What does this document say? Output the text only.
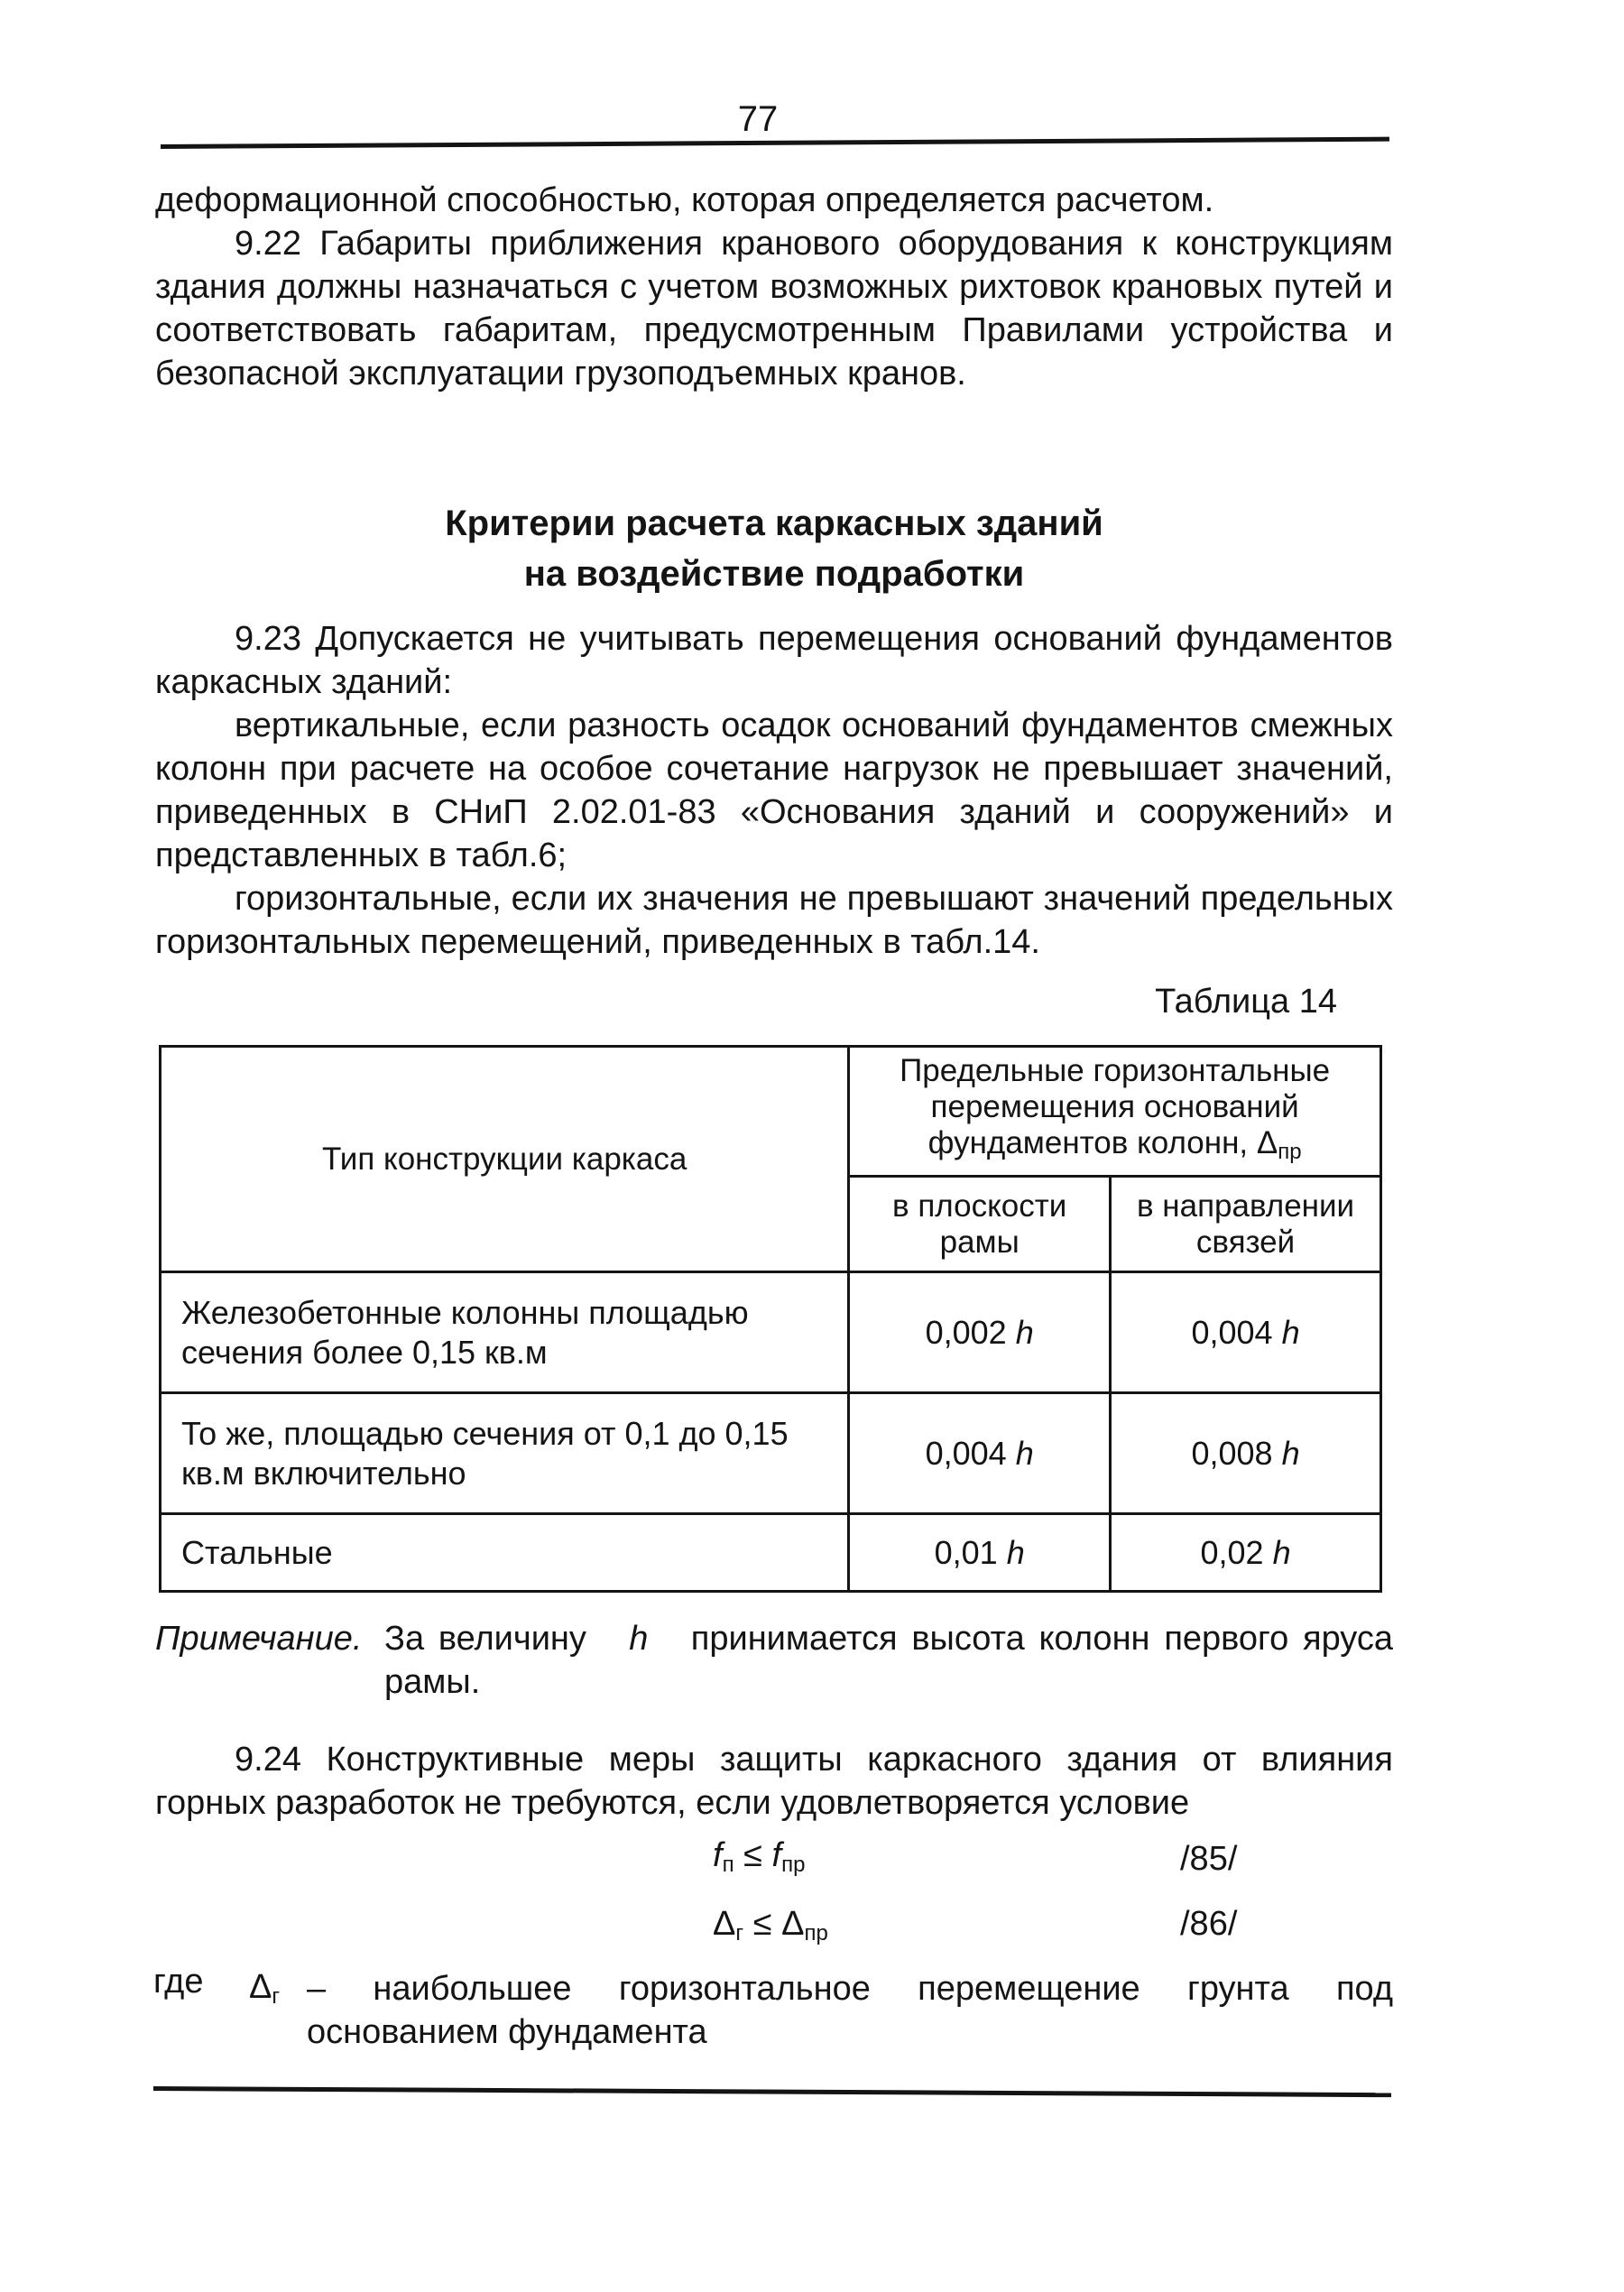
77

деформационной способностью, которая определяется расчетом.

9.22 Габариты приближения кранового оборудования к конструкциям здания должны назначаться с учетом возможных рихтовок крановых путей и соответствовать габаритам, предусмотренным Правилами устройства и безопасной эксплуатации грузоподъемных кранов.

Критерии расчета каркасных зданий
на воздействие подработки

9.23 Допускается не учитывать перемещения оснований фундаментов каркасных зданий:

вертикальные, если разность осадок оснований фундаментов смежных колонн при расчете на особое сочетание нагрузок не превышает значений, приведенных в СНиП 2.02.01-83 «Основания зданий и сооружений» и представленных в табл.6;

горизонтальные, если их значения не превышают значений предельных горизонтальных перемещений, приведенных в табл.14.

Таблица 14
Тип конструкции каркаса	Предельные горизонтальные перемещения оснований фундаментов колонн, $\Delta_{пр}$
	в плоскости рамы	в направлении связей
Железобетонные колонны площадью сечения более 0,15 кв.м	0,002 h	0,004 h
То же, площадью сечения от 0,1 до 0,15 кв.м включительно	0,004 h	0,008 h
Стальные	0,01 h	0,02 h
Примечание. За величину h принимается высота колонн первого яруса рамы.
9.24 Конструктивные меры защиты каркасного здания от влияния горных разработок не требуются, если удовлетворяется условие
$f_п \le f_{пр}$	/85/
$\Delta_г \le \Delta_{пр}$	/86/
где $\Delta_г$ – наибольшее горизонтальное перемещение грунта под основанием фундамента
